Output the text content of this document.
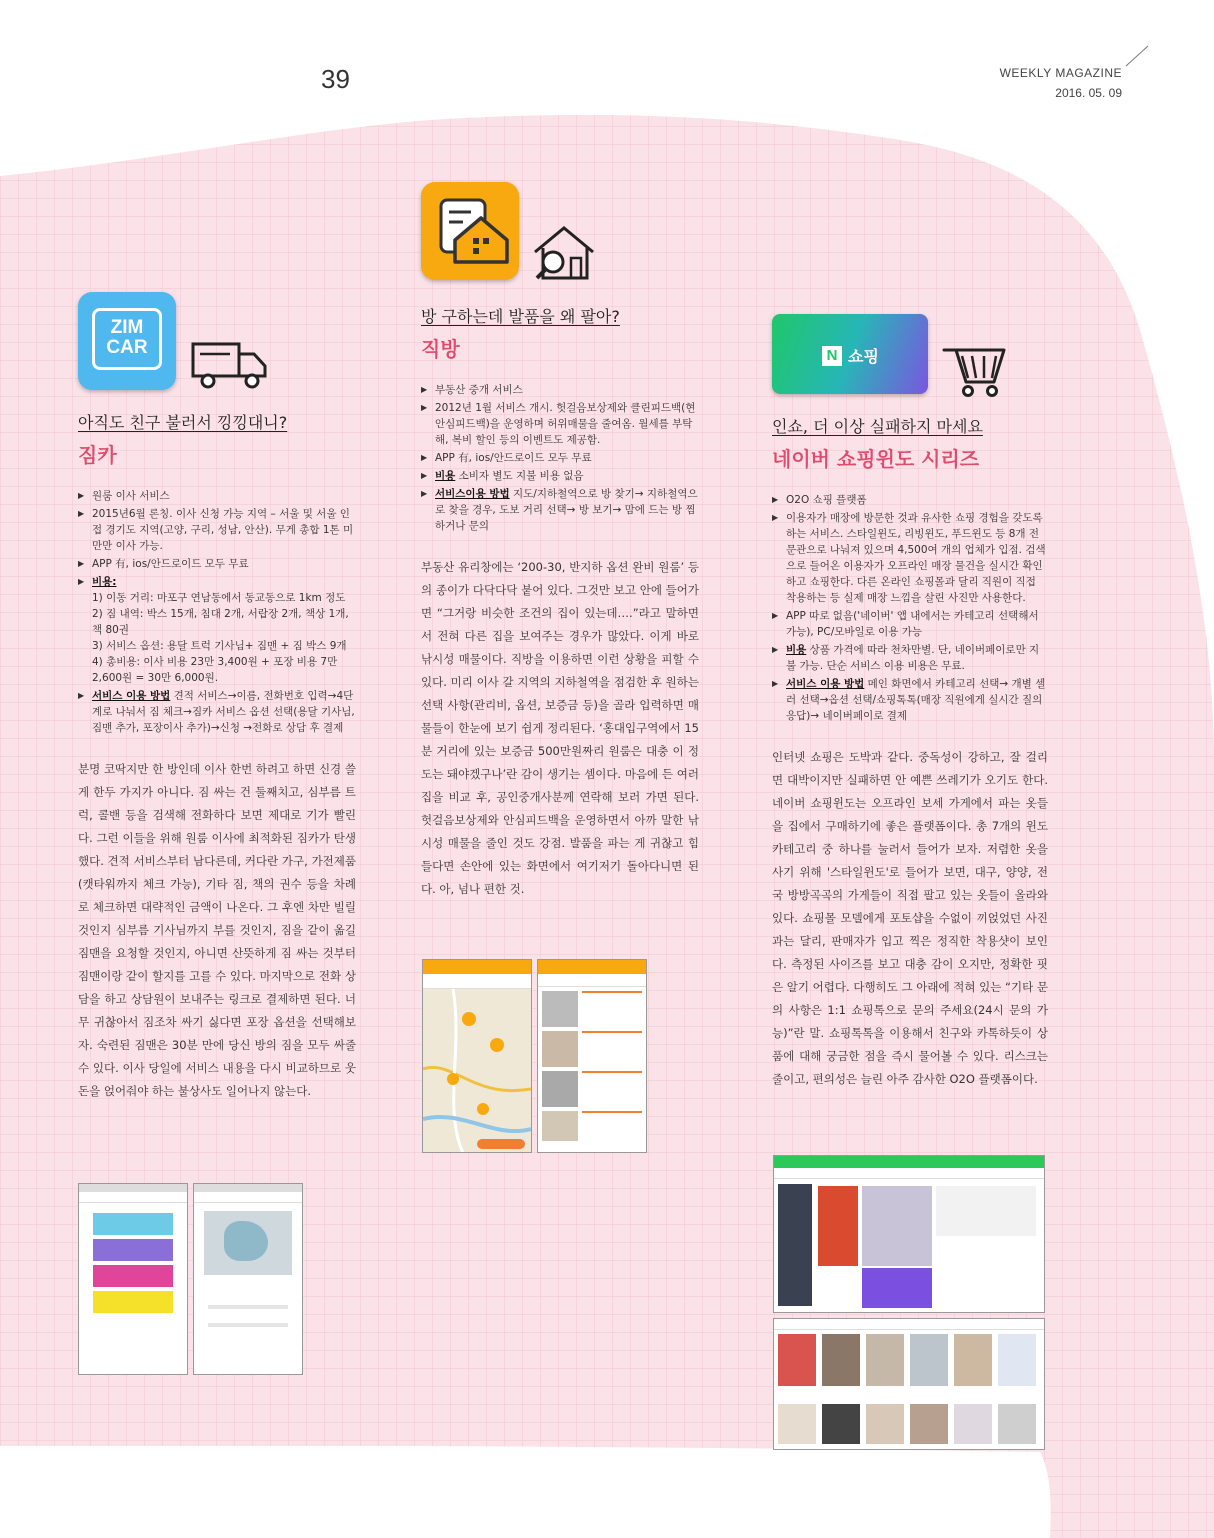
39	WEEKLY MAGAZINE
2016. 05. 09
ZIM
CAR
아직도 친구 불러서 낑낑대니?
짐카
▶ 원룸 이사 서비스
▶ 2015년6월 론칭. 이사 신청 가능 지역 – 서울 및 서울 인접 경기도 지역(고양, 구리, 성남, 안산). 무게 총합 1톤 미만만 이사 가능.
▶ APP 有, ios/안드로이드 모두 무료
▶ 비용:
1) 이동 거리: 마포구 연남동에서 동교동으로 1km 정도
2) 짐 내역: 박스 15개, 침대 2개, 서랍장 2개, 책상 1개, 책 80권
3) 서비스 옵션: 용달 트럭 기사님+ 짐맨 + 짐 박스 9개
4) 총비용: 이사 비용 23만 3,400원 + 포장 비용 7만 2,600원 = 30만 6,000원.
▶ 서비스 이용 방법 견적 서비스→이름, 전화번호 입력→4단계로 나눠서 짐 체크→짐카 서비스 옵션 선택(용달 기사님, 짐맨 추가, 포장이사 추가)→신청 →전화로 상담 후 결제

분명 코딱지만 한 방인데 이사 한번 하려고 하면 신경 쓸 게 한두 가지가 아니다. 짐 싸는 건 둘째치고, 심부름 트럭, 콜밴 등을 검색해 전화하다 보면 제대로 기가 빨린다. 그런 이들을 위해 원룸 이사에 최적화된 짐카가 탄생했다. 견적 서비스부터 남다른데, 커다란 가구, 가전제품(캣타워까지 체크 가능), 기타 짐, 책의 권수 등을 차례로 체크하면 대략적인 금액이 나온다. 그 후엔 차만 빌릴 것인지 심부름 기사님까지 부를 것인지, 짐을 같이 옮길 짐맨을 요청할 것인지, 아니면 산뜻하게 짐 싸는 것부터 짐맨이랑 같이 할지를 고를 수 있다. 마지막으로 전화 상담을 하고 상담원이 보내주는 링크로 결제하면 된다. 너무 귀찮아서 짐조차 싸기 싫다면 포장 옵션을 선택해보자. 숙련된 짐맨은 30분 만에 당신 방의 짐을 모두 싸줄 수 있다. 이사 당일에 서비스 내용을 다시 비교하므로 웃돈을 얹어줘야 하는 불상사도 일어나지 않는다.

방 구하는데 발품을 왜 팔아?
직방
▶ 부동산 중개 서비스
▶ 2012년 1월 서비스 개시. 헛걸음보상제와 클린피드백(현 안심피드백)을 운영하며 허위매물을 줄여옴. 월세를 부탁해, 복비 할인 등의 이벤트도 제공함.
▶ APP 有, ios/안드로이드 모두 무료
▶ 비용 소비자 별도 지불 비용 없음
▶ 서비스이용 방법 지도/지하철역으로 방 찾기→ 지하철역으로 찾을 경우, 도보 거리 선택→ 방 보기→ 맘에 드는 방 찜하거나 문의

부동산 유리창에는 ‘200-30, 반지하 옵션 완비 원룸’ 등의 종이가 다닥다닥 붙어 있다. 그것만 보고 안에 들어가면 “그거랑 비슷한 조건의 집이 있는데….”라고 말하면서 전혀 다른 집을 보여주는 경우가 많았다. 이게 바로 낚시성 매물이다. 직방을 이용하면 이런 상황을 피할 수 있다. 미리 이사 갈 지역의 지하철역을 점검한 후 원하는 선택 사항(관리비, 옵션, 보증금 등)을 골라 입력하면 매물들이 한눈에 보기 쉽게 정리된다. ‘홍대입구역에서 15분 거리에 있는 보증금 500만원짜리 원룸은 대충 이 정도는 돼야겠구나’란 감이 생기는 셈이다. 마음에 든 여러 집을 비교 후, 공인중개사분께 연락해 보러 가면 된다. 헛걸음보상제와 안심피드백을 운영하면서 아까 말한 낚시성 매물을 줄인 것도 강점. 발품을 파는 게 귀찮고 힘들다면 손안에 있는 화면에서 여기저기 돌아다니면 된다. 아, 넘나 편한 것.

N 쇼핑
인쇼, 더 이상 실패하지 마세요
네이버 쇼핑윈도 시리즈
▶ O2O 쇼핑 플랫폼
▶ 이용자가 매장에 방문한 것과 유사한 쇼핑 경험을 갖도록 하는 서비스. 스타일윈도, 리빙윈도, 푸드윈도 등 8개 전문관으로 나눠져 있으며 4,500여 개의 업체가 입점. 검색으로 들어온 이용자가 오프라인 매장 물건을 실시간 확인하고 쇼핑한다. 다른 온라인 쇼핑몰과 달리 직원이 직접 착용하는 등 실제 매장 느낌을 살린 사진만 사용한다.
▶ APP 따로 없음('네이버' 앱 내에서는 카테고리 선택해서 가능), PC/모바일로 이용 가능
▶ 비용 상품 가격에 따라 천차만별. 단, 네이버페이로만 지불 가능. 단순 서비스 이용 비용은 무료.
▶ 서비스 이용 방법 메인 화면에서 카테고리 선택→ 개별 셀러 선택→옵션 선택/쇼핑톡톡(매장 직원에게 실시간 질의응답)→ 네이버페이로 결제

인터넷 쇼핑은 도박과 같다. 중독성이 강하고, 잘 걸리면 대박이지만 실패하면 안 예쁜 쓰레기가 오기도 한다. 네이버 쇼핑윈도는 오프라인 보세 가게에서 파는 옷들을 집에서 구매하기에 좋은 플랫폼이다. 총 7개의 윈도 카테고리 중 하나를 눌러서 들어가 보자. 저렴한 옷을 사기 위해 '스타일윈도'로 들어가 보면, 대구, 양양, 전국 방방곡곡의 가게들이 직접 팔고 있는 옷들이 올라와 있다. 쇼핑몰 모델에게 포토샵을 수없이 끼얹었던 사진과는 달리, 판매자가 입고 찍은 정직한 착용샷이 보인다. 측정된 사이즈를 보고 대충 감이 오지만, 정확한 핏은 알기 어렵다. 다행히도 그 아래에 적혀 있는 “기타 문의 사항은 1:1 쇼핑톡으로 문의 주세요(24시 문의 가능)”란 말. 쇼핑톡톡을 이용해서 친구와 카톡하듯이 상품에 대해 궁금한 점을 즉시 물어볼 수 있다. 리스크는 줄이고, 편의성은 늘린 아주 감사한 O2O 플랫폼이다.
